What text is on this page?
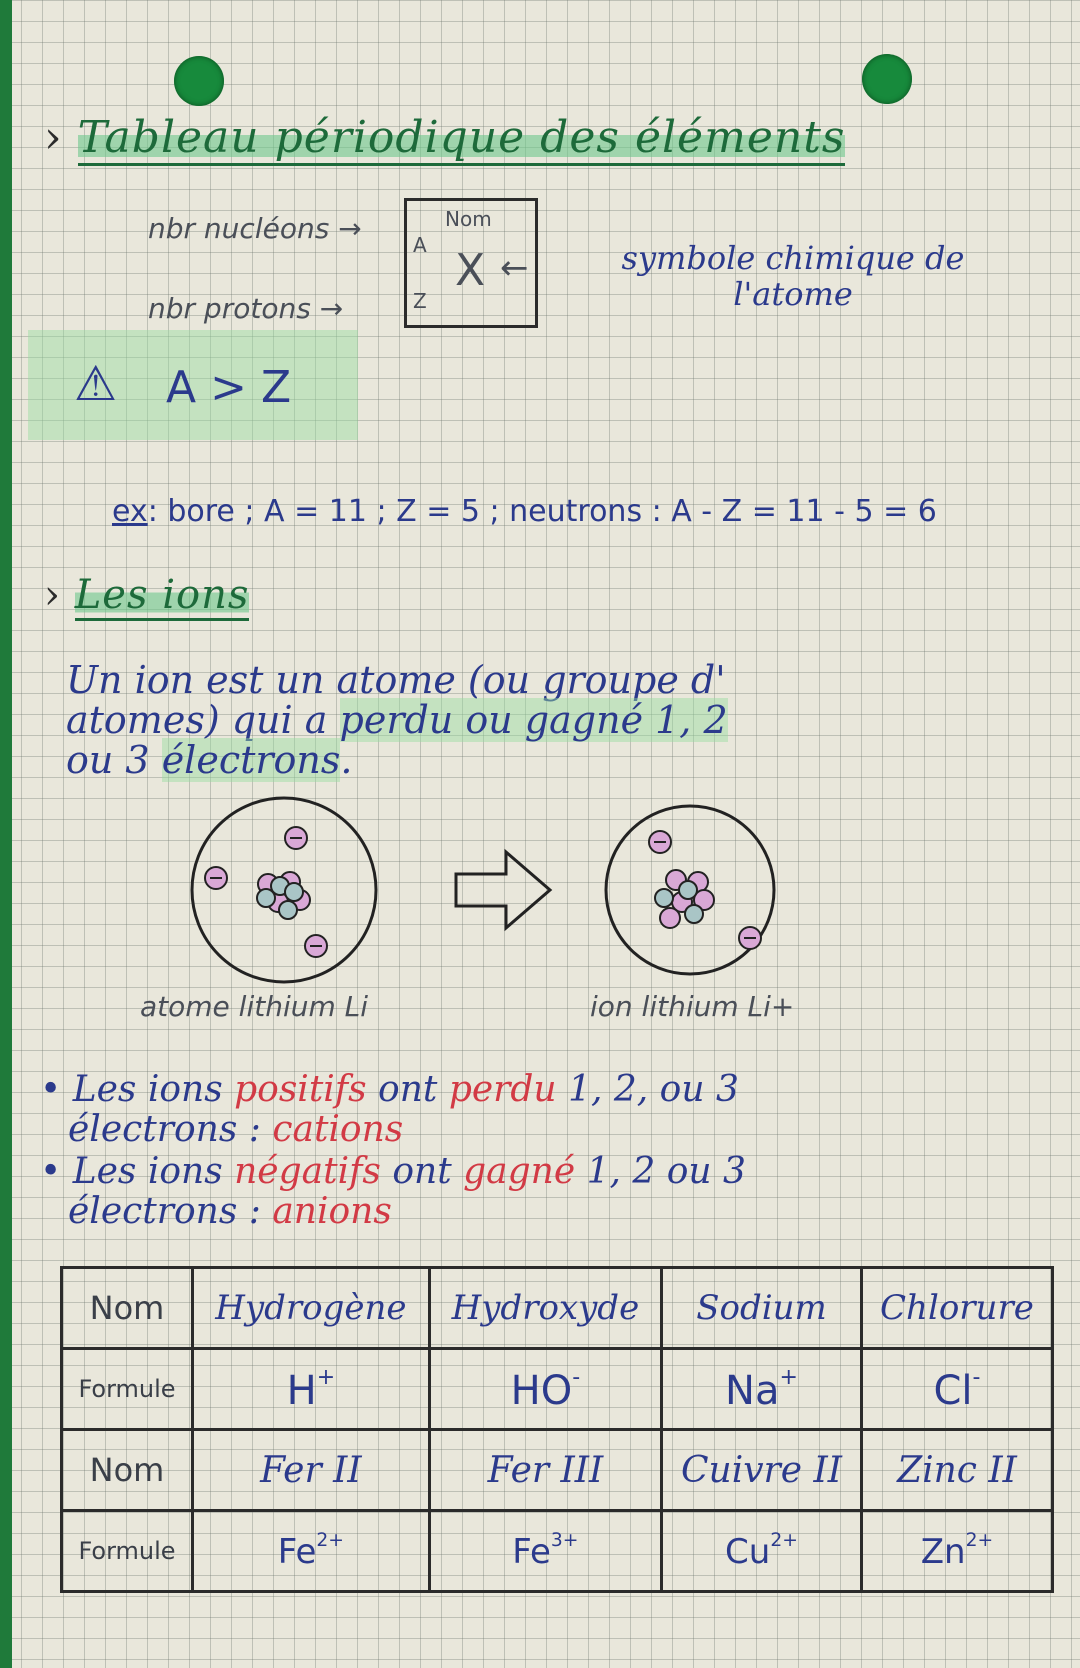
› Tableau périodique des éléments
nbr nucléons →
nbr protons →
Nom
A X
Z
←	symbole chimique de
l'atome
⚠ A > Z
ex: bore ; A = 11 ; Z = 5 ; neutrons : A - Z = 11 - 5 = 6
› Les ions
Un ion est un atome (ou groupe d'
atomes) qui a perdu ou gagné 1, 2
ou 3 électrons.
atome lithium Li	ion lithium Li+
• Les ions positifs ont perdu 1, 2, ou 3
électrons : cations
• Les ions négatifs ont gagné 1, 2 ou 3
électrons : anions
Nom	Hydrogène	Hydroxyde	Sodium	Chlorure
Formule	H+	HO-	Na+	Cl-
Nom	Fer II	Fer III	Cuivre II	Zinc II
Formule	$Fe^{2+}$	$Fe^{3+}$	$Cu^{2+}$	$Zn^{2+}$
